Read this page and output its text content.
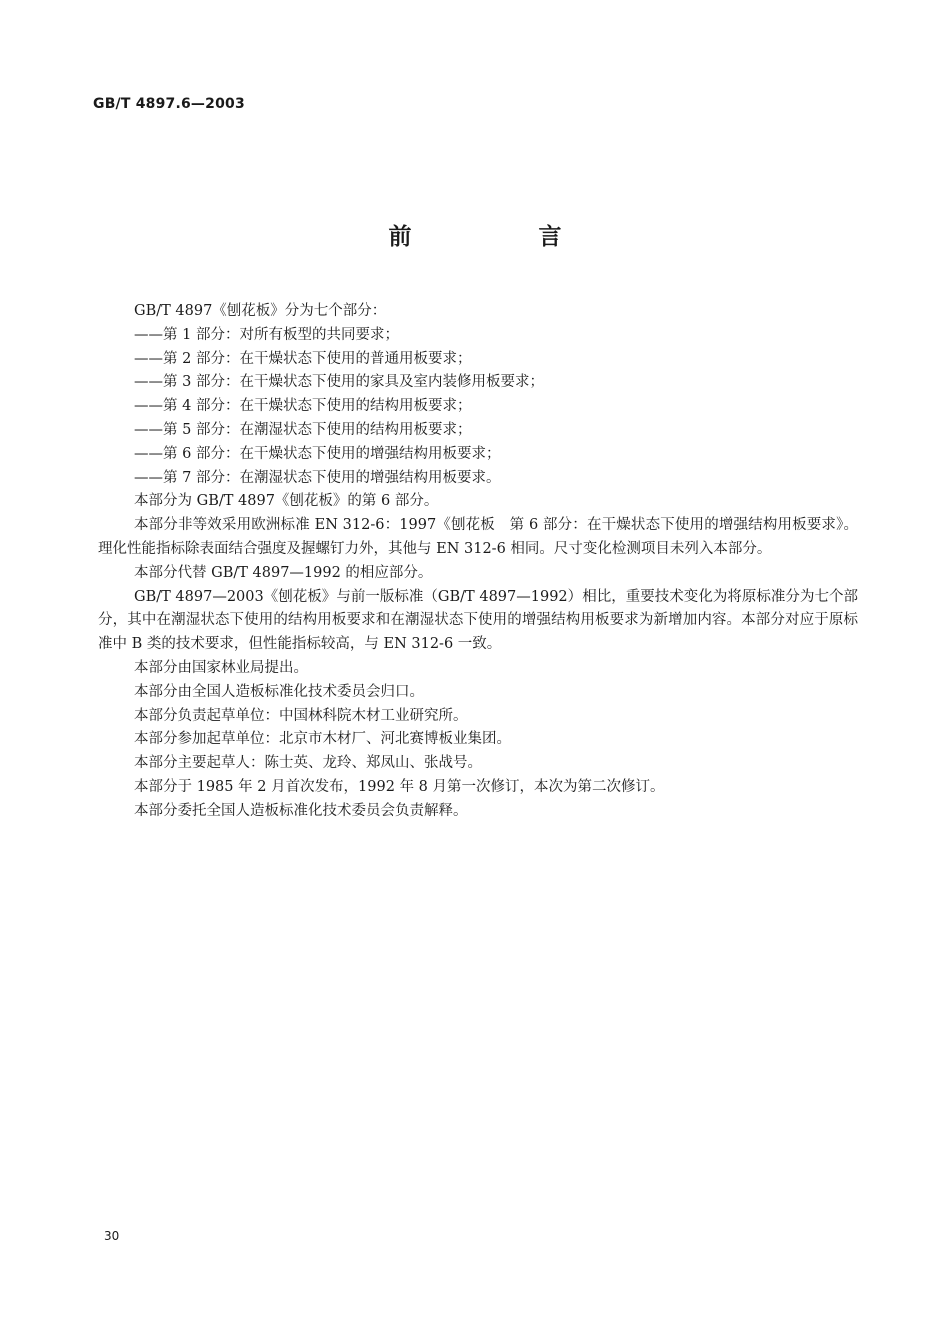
GB/T 4897.6—2003
前　言

GB/T 4897《刨花板》分为七个部分：

——第 1 部分：对所有板型的共同要求；

——第 2 部分：在干燥状态下使用的普通用板要求；

——第 3 部分：在干燥状态下使用的家具及室内装修用板要求；

——第 4 部分：在干燥状态下使用的结构用板要求；

——第 5 部分：在潮湿状态下使用的结构用板要求；

——第 6 部分：在干燥状态下使用的增强结构用板要求；

——第 7 部分：在潮湿状态下使用的增强结构用板要求。

本部分为 GB/T 4897《刨花板》的第 6 部分。

本部分非等效采用欧洲标准 EN 312-6：1997《刨花板　第 6 部分：在干燥状态下使用的增强结构用板要求》。理化性能指标除表面结合强度及握螺钉力外，其他与 EN 312-6 相同。尺寸变化检测项目未列入本部分。

本部分代替 GB/T 4897—1992 的相应部分。

GB/T 4897—2003《刨花板》与前一版标准（GB/T 4897—1992）相比，重要技术变化为将原标准分为七个部分，其中在潮湿状态下使用的结构用板要求和在潮湿状态下使用的增强结构用板要求为新增加内容。本部分对应于原标准中 B 类的技术要求，但性能指标较高，与 EN 312-6 一致。

本部分由国家林业局提出。

本部分由全国人造板标准化技术委员会归口。

本部分负责起草单位：中国林科院木材工业研究所。

本部分参加起草单位：北京市木材厂、河北赛博板业集团。

本部分主要起草人：陈士英、龙玲、郑凤山、张战号。

本部分于 1985 年 2 月首次发布，1992 年 8 月第一次修订，本次为第二次修订。

本部分委托全国人造板标准化技术委员会负责解释。

30
